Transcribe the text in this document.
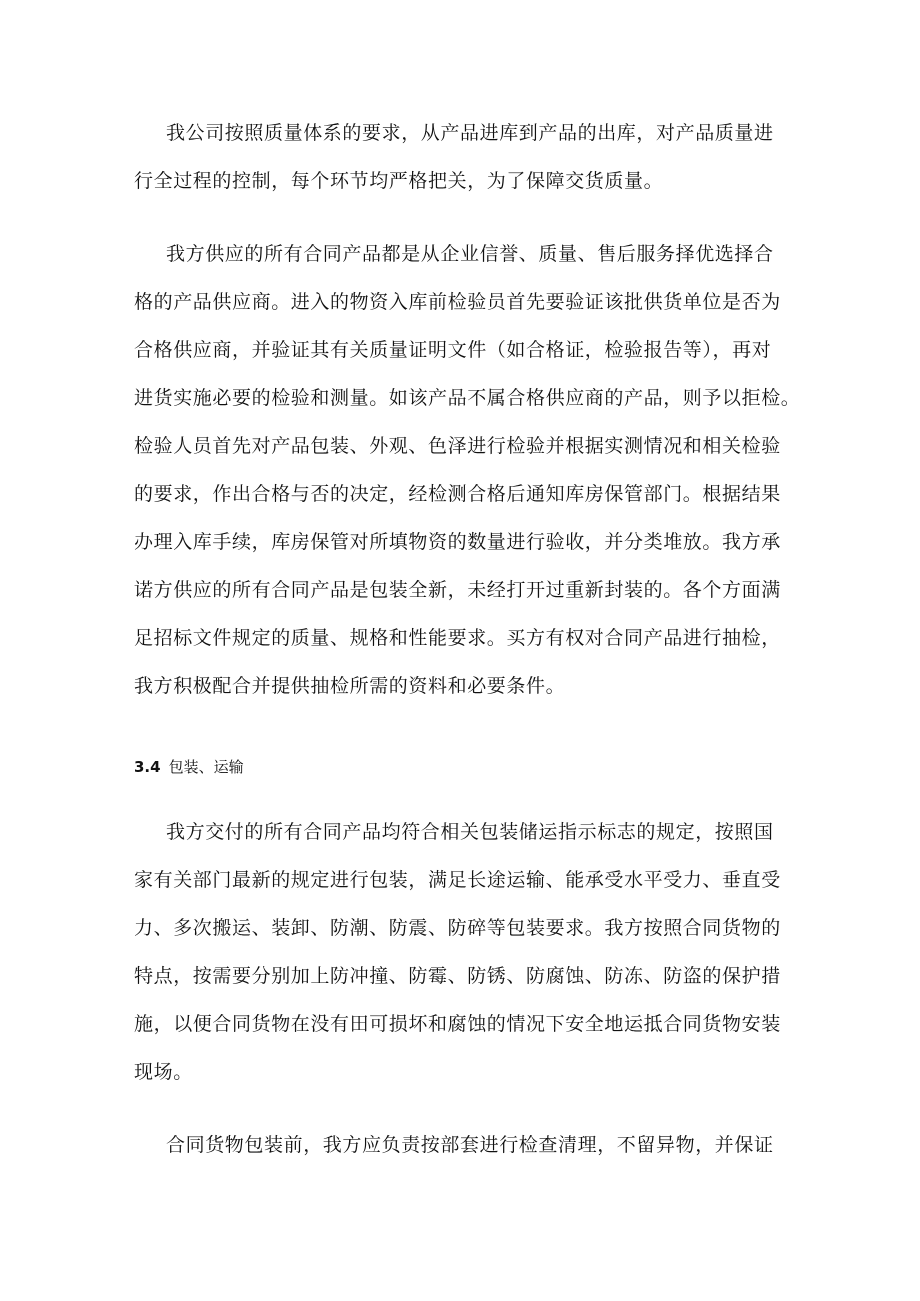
我公司按照质量体系的要求，从产品进库到产品的出库，对产品质量进
行全过程的控制，每个环节均严格把关，为了保障交货质量。
我方供应的所有合同产品都是从企业信誉、质量、售后服务择优选择合
格的产品供应商。进入的物资入库前检验员首先要验证该批供货单位是否为
合格供应商，并验证其有关质量证明文件（如合格证，检验报告等），再对
进货实施必要的检验和测量。如该产品不属合格供应商的产品，则予以拒检。
检验人员首先对产品包装、外观、色泽进行检验并根据实测情况和相关检验
的要求，作出合格与否的决定，经检测合格后通知库房保管部门。根据结果
办理入库手续，库房保管对所填物资的数量进行验收，并分类堆放。我方承
诺方供应的所有合同产品是包装全新，未经打开过重新封装的。各个方面满
足招标文件规定的质量、规格和性能要求。买方有权对合同产品进行抽检，
我方积极配合并提供抽检所需的资料和必要条件。
3.4 包装、运输
我方交付的所有合同产品均符合相关包装储运指示标志的规定，按照国
家有关部门最新的规定进行包装，满足长途运输、能承受水平受力、垂直受
力、多次搬运、装卸、防潮、防震、防碎等包装要求。我方按照合同货物的
特点，按需要分别加上防冲撞、防霉、防锈、防腐蚀、防冻、防盗的保护措
施，以便合同货物在没有田可损坏和腐蚀的情况下安全地运抵合同货物安装
现场。
合同货物包装前，我方应负责按部套进行检查清理，不留异物，并保证
